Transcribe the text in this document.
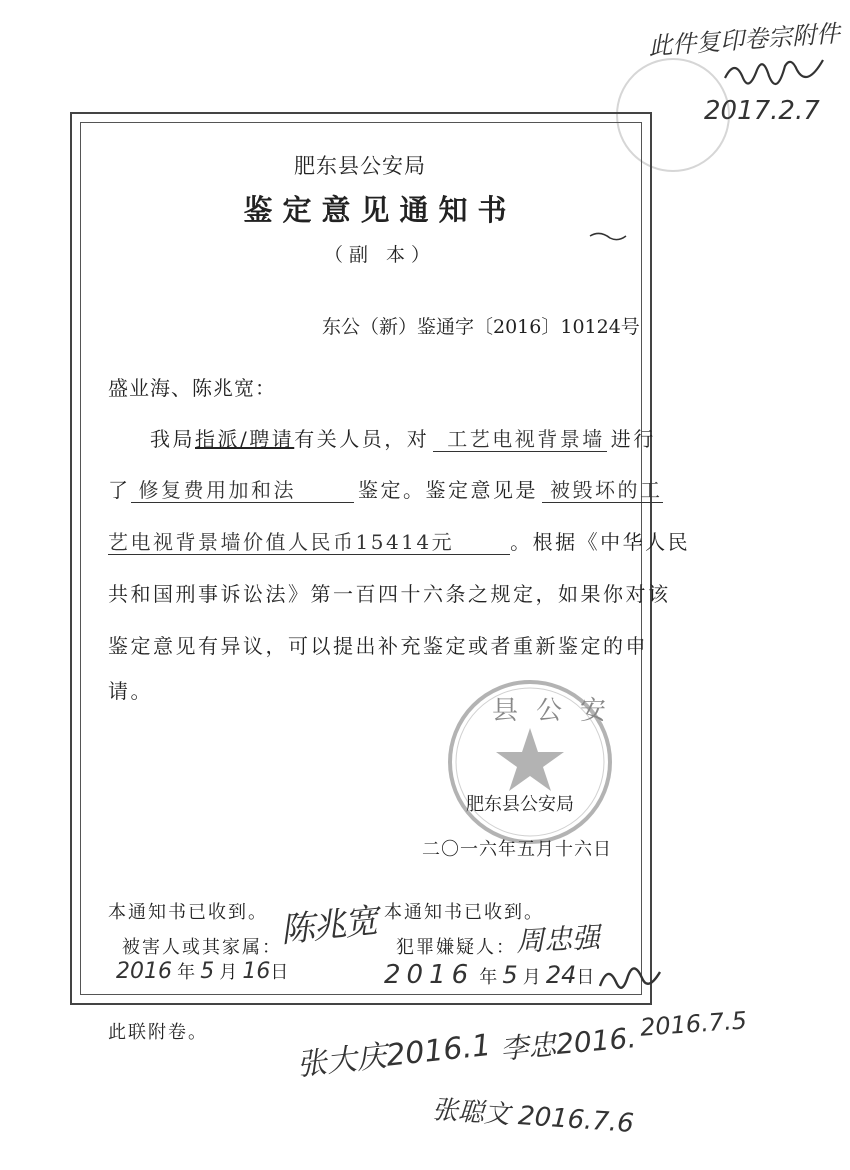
此件复印卷宗附件
2017.2.7
肥东县公安局
鉴定意见通知书
（副 本）
东公（新）鉴通字〔2016〕10124号
盛业海、陈兆宽：
我局指派/聘请有关人员，对 工艺电视背景墙 进行
了 修复费用加和法	鉴定。鉴定意见是 被毁坏的工
艺电视背景墙价值人民币15414元	。根据《中华人民
共和国刑事诉讼法》第一百四十六条之规定，如果你对该
鉴定意见有异议，可以提出补充鉴定或者重新鉴定的申
请。
县公安
肥东县公安局
二〇一六年五月十六日
本通知书已收到。	本通知书已收到。
被害人或其家属：	犯罪嫌疑人：
陈兆宽	周忠强
2016 年 5 月 16日	2016 年 5 月 24日
此联附卷。	张大庆2016.1 李忠2016. 2016.7.5
张聪文 2016.7.6
